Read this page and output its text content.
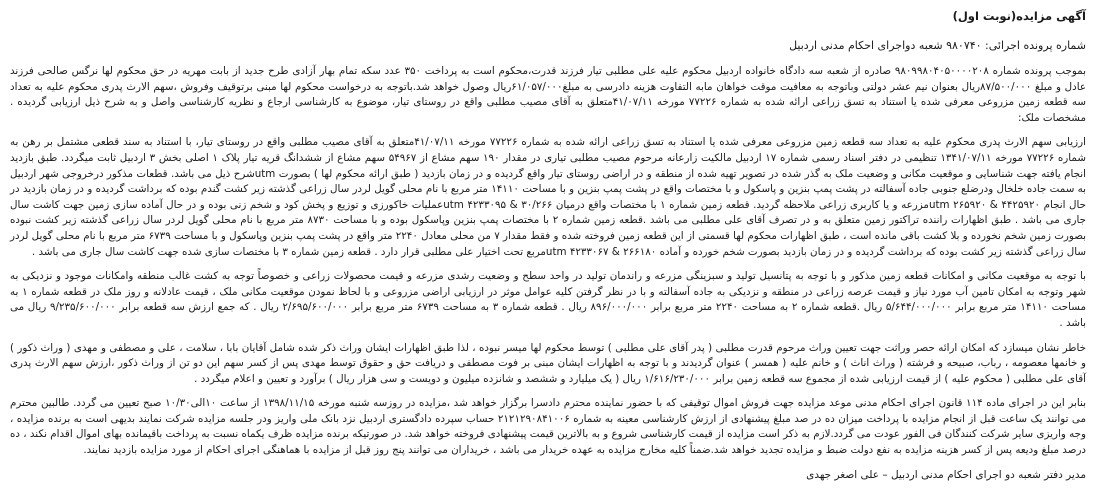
آگهی مزایده(نوبت اول)
شماره پرونده اجرائی: ۹۸۰۷۴۰ شعبه دواجرای احکام مدنی اردبیل

بموجب پرونده شماره ۹۸۰۹۹۸۰۴۰۵۰۰۰۰۲۰۸ صادره از شعبه سه دادگاه خانواده اردبیل محکوم علیه علی مطلبی تیار فرزند قدرت،محکوم است به پرداخت ۳۵۰ عدد سکه تمام بهار آزادی طرح جدید از بابت مهریه در حق محکوم لها نرگس صالحی فرزند عادل و مبلغ ۸۷/۵۰۰/۰۰۰ریال بعنوان نیم عشر دولتی وباتوجه به معافیت موقت خواهان مابه التفاوت هزینه دادرسی به مبلغ۶۱/۰۵۷/۰۰۰ریال وصول خواهد شد.باتوجه به درخواست محکوم لها مبنی برتوقیف وفروش ،سهم الارث پدری محکوم علیه به تعداد سه قطعه زمین مزروعی معرفی شده یا استناد به تسق زراعی ارائه شده به شماره ۷۷۲۲۶ مورخه ۴۱/۰۷/۱۱متعلق به آقای مصیب مطلبی واقع در روستای تیار، موضوع به کارشناسی ارجاع و نظریه کارشناسی واصل و به شرح ذیل ارزیابی گردیده . مشخصات ملک:

ارزیابی سهم الارث پدری محکوم علیه به تعداد سه قطعه زمین مزروعی معرفی شده یا استناد به تسق زراعی ارائه شده به شماره ۷۷۲۲۶ مورخه ۴۱/۰۷/۱۱متعلق به آقای مصیب مطلبی واقع در روستای تیار، با استناد به سند قطعی مشتمل بر رهن به شماره ۷۷۲۲۶ مورخه ۱۳۴۱/۰۷/۱۱ تنظیمی در دفتر اسناد رسمی شماره ۱۷ اردبیل مالکیت زارعانه مرحوم مصیب مطلبی تیاری در مقدار ۱۹۰ سهم مشاع از ۵۴۹۶۷ سهم مشاع از ششدانگ قریه تیار پلاک ۱ اصلی بخش ۳ اردبیل ثابت میگردد. طبق بازدید انجام یافته جهت شناسایی و موقعیت مکانی و وضعیت ملک به گذر شده در تصویر تهیه شده از منطقه و در اراضی روستای تیار واقع گردیده و در زمان بازدید ( طبق ارائه محکوم لها ) بصورت utmشرح ذیل می باشد. قطعات مذکور درخروجی شهر اردبیل به سمت جاده خلخال ودرضلع جنوبی جاده آسفالته در پشت پمپ بنزین و پاسکول و با مختصات واقع در پشت پمپ بنزین و با مساحت ۱۴۱۱۰ متر مربع با نام محلی گویل لردر سال زراعی گذشته زیر کشت گندم بوده که برداشت گردیده و در زمان بازدید در حال انجام ۴۴۲۵۹۲۰ & ۲۶۵۹۲۰ utmمزرعه و یا کاربری زراعی ملاحظه گردید. قطعه زمین شماره ۱ با مختصات واقع درمیان ۳۰/۲۶۶ & ۴۲۳۳۰۹۵ utmعملیات خاکورزی و توزیع و پخش کود و شخم زنی بوده و در حال آماده سازی زمین جهت کاشت سال جاری می باشد . طبق اظهارات راننده تراکتور زمین متعلق به و در تصرف آقای علی مطلبی می باشد .قطعه زمین شماره ۲ با مختصات پمپ بنزین وپاسکول بوده و با مساحت ۸۷۳۰ متر مربع با نام محلی گویل لردر سال زراعی گذشته زیر کشت نبوده بصورت زمین شخم نخورده و بلا کشت باقی مانده است ، طبق اظهارات محکوم لها قسمتی از این قطعه زمین فروخته شده و فقط مقدار ۷ من محلی معادل ۲۲۴۰ متر واقع در پشت پمپ بنزین وپاسکول و با مساحت ۶۷۳۹ متر مربع با نام محلی گویل لردر سال زراعی گذشته زیر کشت بوده که برداشت گردیده و در زمان بازدید بصورت شخم خورده و آماده ۲۶۶۱۸۰ & ۴۲۳۳۰۶۷ utmمربع تحت اختیار علی مطلبی قرار دارد . قطعه زمین شماره ۳ با مختصات سازی شده جهت کاشت سال جاری می باشد .

با توجه به موقعیت مکانی و امکانات قطعه زمین مذکور و با توجه به پتانسیل تولید و سبزینگی مزرعه و راندمان تولید در واحد سطح و وضعیت رشدی مزرعه و قیمت محصولات زراعی و خصوصاً توجه به کشت غالب منطقه وامکانات موجود و نزدیکی به شهر وتوجه به امکان تامین آب مورد نیاز و قیمت عرصه زراعی در منطقه و نزدیکی به جاده آسفالته و با در نظر گرفتن کلیه عوامل موثر در ارزیابی اراضی مزروعی و با لحاظ نمودن موقعیت مکانی ملک ، قیمت عادلانه و روز ملک در قطعه شماره ۱ به مساحت ۱۴۱۱۰ متر مربع برابر ۵/۶۴۴/۰۰۰/۰۰۰ ریال .قطعه شماره ۲ به مساحت ۲۲۴۰ متر مربع برابر ۸۹۶/۰۰۰/۰۰۰ ریال . قطعه شماره ۳ به مساحت ۶۷۳۹ متر مربع برابر ۲/۶۹۵/۶۰۰/۰۰۰ ریال . که جمع ارزش سه قطعه برابر ۹/۲۳۵/۶۰۰/۰۰۰ ریال می باشد .

خاطر نشان میسازد که امکان ارائه حصر وراثت جهت تعیین وراث مرحوم قدرت مطلبی ( پدر آقای علی مطلبی ) توسط محکوم لها میسر نبوده ، لذا طبق اظهارات ایشان وراث ذکر شده شامل آقایان بابا ، سلامت ، علی و مصطفی و مهدی ( وراث ذکور ) و خانمها معصومه ، رباب، صبیحه و فرشته ( وراث اناث ) و خانم علیه ( همسر ) عنوان گردیدند و با توجه به اظهارات ایشان مبنی بر فوت مصطفی و دریافت حق و حقوق توسط مهدی پس از کسر سهم این دو تن از وراث ذکور ،ارزش سهم الارث پدری آقای علی مطلبی ( محکوم علیه ) از قیمت ارزیابی شده از مجموع سه قطعه زمین برابر ۱/۶۱۶/۲۳۰/۰۰۰ ریال ( یک میلیارد و ششصد و شانزده میلیون و دویست و سی هزار ریال ) برآورد و تعیین و اعلام میگردد .

بنابر این در اجرای ماده ۱۱۴ قانون اجرای احکام مدنی موعد مزایده جهت فروش اموال توقیفی که با حضور نماینده محترم دادسرا برگزار خواهد شد ،مزایده در روزسه شنبه مورخه ۱۳۹۸/۱۱/۱۵ از ساعت ۱۰الی۱۰/۳۰ صبح تعیین می گردد. طالبین محترم می توانند یک ساعت قبل از انجام مزایده با پرداخت میزان ده در صد مبلغ پیشنهادی از ارزش کارشناسی معینه به شماره ۲۱۲۱۲۹۰۸۴۱۰۰۶ حساب سپرده دادگستری اردبیل نزد بانک ملی واریز ودر جلسه مزایده شرکت نمایند بدیهی است به برنده مزایده ، وجه واریزی سایر شرکت کنندگان فی الفور عودت می گردد.لازم به ذکر است مزایده از قیمت کارشناسی شروع و به بالاترین قیمت پیشنهادی فروخته خواهد شد. در صورتیکه برنده مزایده ظرف یکماه نسبت به پرداخت باقیمانده بهای اموال اقدام نکند ، ده درصد مبلغ ودیعه پس از کسر هزینه مزایده به نفع دولت ضبط و مزایده تجدید خواهد شد.ضمناً کلیه مخارج مزایده به عهده خریدار می باشد ، خریداران می توانند پنج روز قبل از مزایده با هماهنگی اجرای احکام از مورد مزایده بازدید نمایند.

مدیر دفتر شعبه دو اجرای احکام مدنی اردبیل – علی اصغر جهدی
